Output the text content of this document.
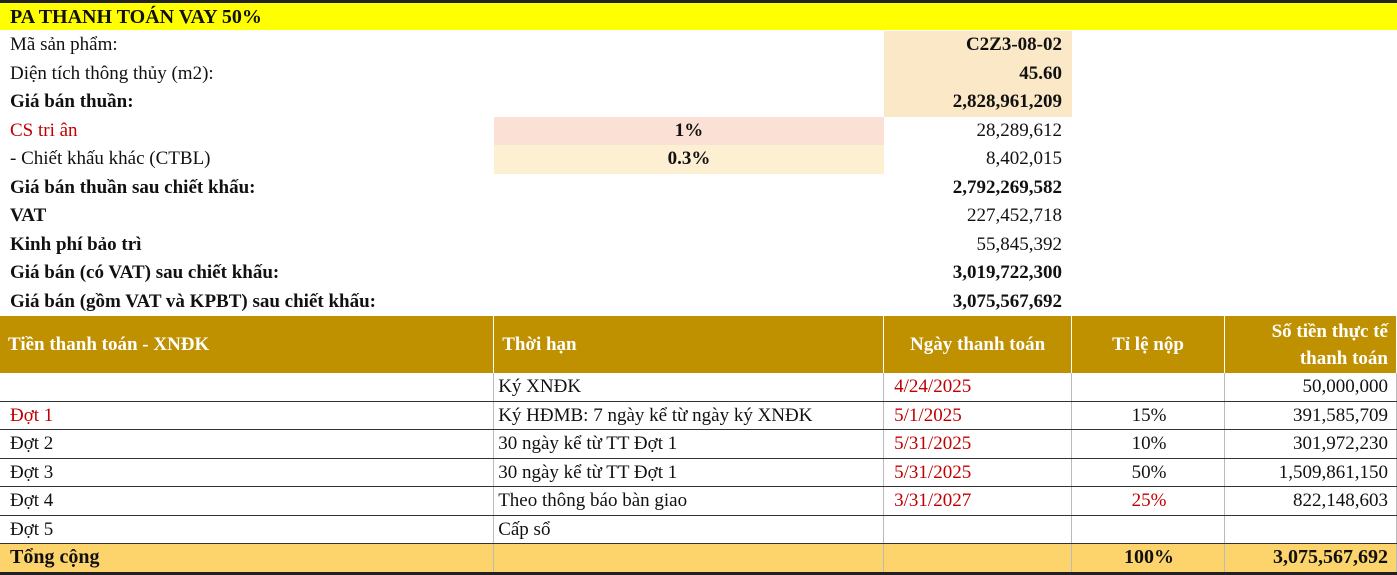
PA THANH TOÁN VAY 50%
Mã sản phẩm:		C2Z3-08-02
Diện tích thông thủy (m2):		45.60
Giá bán thuần:		2,828,961,209
CS tri ân	1%	28,289,612
- Chiết khấu khác (CTBL)	0.3%	8,402,015
Giá bán thuần sau chiết khấu:		2,792,269,582
VAT		227,452,718
Kinh phí bảo trì		55,845,392
Giá bán (có VAT) sau chiết khấu:		3,019,722,300
Giá bán (gồm VAT và KPBT) sau chiết khấu:		3,075,567,692
Tiền thanh toán - XNĐK	Thời hạn	Ngày thanh toán	Tỉ lệ nộp	Số tiền thực tế
thanh toán
	Ký XNĐK	4/24/2025		50,000,000
Đợt 1	Ký HĐMB: 7 ngày kể từ ngày ký XNĐK	5/1/2025	15%	391,585,709
Đợt 2	30 ngày kể từ TT Đợt 1	5/31/2025	10%	301,972,230
Đợt 3	30 ngày kể từ TT Đợt 1	5/31/2025	50%	1,509,861,150
Đợt 4	Theo thông báo bàn giao	3/31/2027	25%	822,148,603
Đợt 5	Cấp sổ			
Tổng cộng			100%	3,075,567,692
